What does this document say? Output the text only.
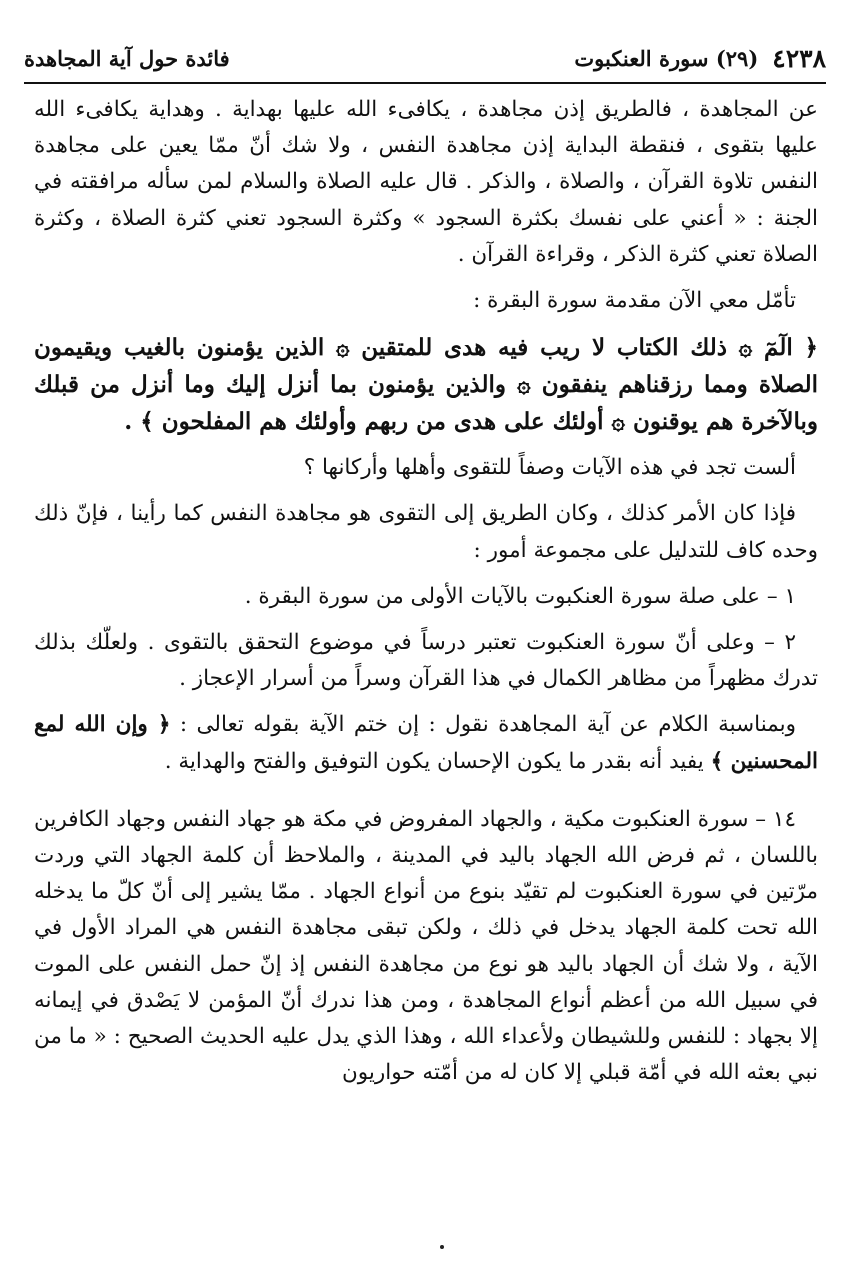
٤٢٣٨
(٢٩) سورة العنكبوت
فائدة حول آية المجاهدة

عن المجاهدة ، فالطريق إذن مجاهدة ، يكافىء الله عليها بهداية . وهداية يكافىء الله عليها بتقوى ، فنقطة البداية إذن مجاهدة النفس ، ولا شك أنّ ممّا يعين على مجاهدة النفس تلاوة القرآن ، والصلاة ، والذكر . قال عليه الصلاة والسلام لمن سأله مرافقته في الجنة : « أعني على نفسك بكثرة السجود » وكثرة السجود تعني كثرة الصلاة ، وكثرة الصلاة تعني كثرة الذكر ، وقراءة القرآن .

تأمّل معي الآن مقدمة سورة البقرة :

﴿ الٓمٓ ۞ ذلك الكتاب لا ريب فيه هدى للمتقين ۞ الذين يؤمنون بالغيب ويقيمون الصلاة ومما رزقناهم ينفقون ۞ والذين يؤمنون بما أنزل إليك وما أنزل من قبلك وبالآخرة هم يوقنون ۞ أولئك على هدى من ربهم وأولئك هم المفلحون ﴾ .

ألست تجد في هذه الآيات وصفاً للتقوى وأهلها وأركانها ؟

فإذا كان الأمر كذلك ، وكان الطريق إلى التقوى هو مجاهدة النفس كما رأينا ، فإنّ ذلك وحده كاف للتدليل على مجموعة أمور :

١ – على صلة سورة العنكبوت بالآيات الأولى من سورة البقرة .

٢ – وعلى أنّ سورة العنكبوت تعتبر درساً في موضوع التحقق بالتقوى . ولعلّك بذلك تدرك مظهراً من مظاهر الكمال في هذا القرآن وسراً من أسرار الإعجاز .

وبمناسبة الكلام عن آية المجاهدة نقول : إن ختم الآية بقوله تعالى : ﴿ وإن الله لمع المحسنين ﴾ يفيد أنه بقدر ما يكون الإحسان يكون التوفيق والفتح والهداية .

١٤ – سورة العنكبوت مكية ، والجهاد المفروض في مكة هو جهاد النفس وجهاد الكافرين باللسان ، ثم فرض الله الجهاد باليد في المدينة ، والملاحظ أن كلمة الجهاد التي وردت مرّتين في سورة العنكبوت لم تقيّد بنوع من أنواع الجهاد . ممّا يشير إلى أنّ كلّ ما يدخله الله تحت كلمة الجهاد يدخل في ذلك ، ولكن تبقى مجاهدة النفس هي المراد الأول في الآية ، ولا شك أن الجهاد باليد هو نوع من مجاهدة النفس إذ إنّ حمل النفس على الموت في سبيل الله من أعظم أنواع المجاهدة ، ومن هذا ندرك أنّ المؤمن لا يَصْدق في إيمانه إلا بجهاد : للنفس وللشيطان ولأعداء الله ، وهذا الذي يدل عليه الحديث الصحيح : « ما من نبي بعثه الله في أمّة قبلي إلا كان له من أمّته حواريون
